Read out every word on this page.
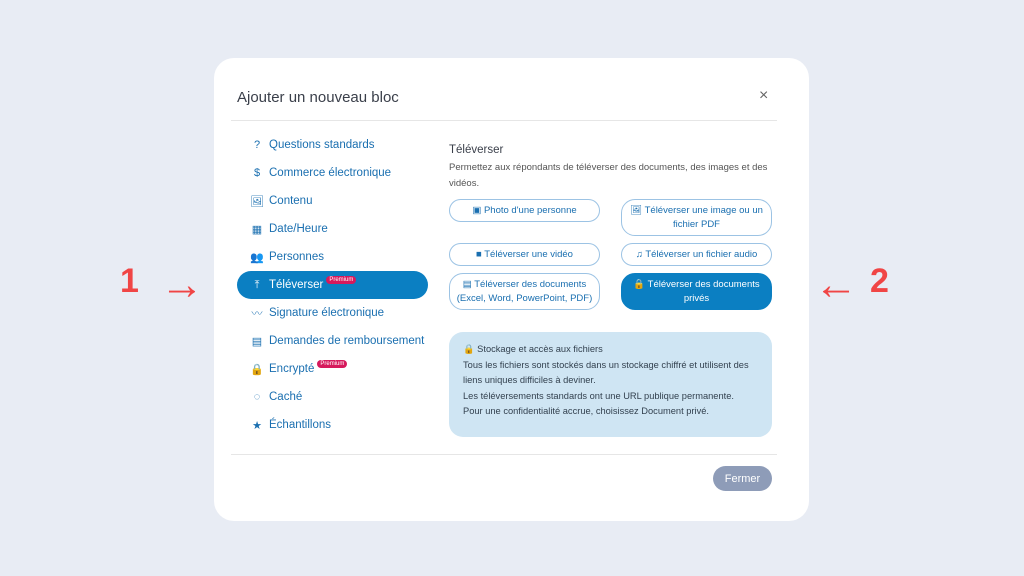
Ajouter un nouveau bloc	×
? Questions standards
$ Commerce électronique
🖼 Contenu
▦ Date/Heure
👥 Personnes
⤒ Téléverser	Premium
〰 Signature électronique
▤ Demandes de remboursement
🔒 Encrypté	Premium
◌ Caché
★ Échantillons
Téléverser
Permettez aux répondants de téléverser des documents, des images et des vidéos.
▣ Photo d'une personne	🖼 Téléverser une image ou un fichier PDF
■ Téléverser une vidéo	♫ Téléverser un fichier audio
▤ Téléverser des documents (Excel, Word, PowerPoint, PDF)
🔒 Téléverser des documents privés
🔒 Stockage et accès aux fichiers
Tous les fichiers sont stockés dans un stockage chiffré et utilisent des liens uniques difficiles à deviner.
Les téléversements standards ont une URL publique permanente.
Pour une confidentialité accrue, choisissez Document privé.
Fermer
1 →	← 2
